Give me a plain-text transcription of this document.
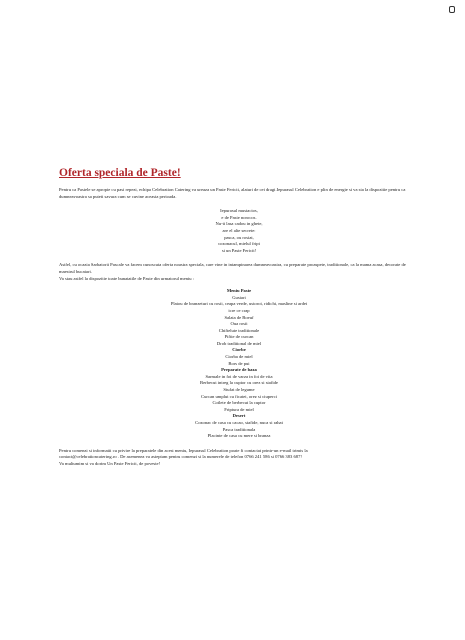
Oferta speciala de Paste!

Pentru ca Pastele se apropie cu pasi repezi, echipa Celebration Catering va ureaza un Paste Fericit, alaturi de cei dragi.Iepurasul Celebration e plin de energie si va sta la dispozitie pentru ca dumneavoastra sa puteti savura cum se cuvine aceasta perioada.

Iepurasul mustacios,
e de Paste norocos.
Nu-ti lasa cadou in ghete,
are el alte secrete:
pasca, ou rosiat,
cozonacul, mielul fript
si un Paste Fericit!

Astfel, cu ocazia Sarbatorii Pascale va facem cunoscuta oferta noastra speciala, care vine in intampinarea dumneavoastra, cu preparate proaspete, traditionale, ca la mama acasa, decorate de maestrul bucatari.

Va stau astfel la dispozitie toate bunatatile de Paste din urmatorul meniu :

Meniu Paste
Gustari
Platou de branzeturi cu rosii, ceapa verde, ustoroi, ridichi, masline si ardei
icre ce crap
Salata de Boeuf
Oua rosii
Chiftelute traditionale
Piftie de curcan
Drob traditional de miel
Ciorbe
Ciorba de miel
Bors de pui
Preparate de baza
Sarmale in foi de varza in foi de vita
Berbecut intreg la cuptor cu orez si stafide
Stufat de legume
Curcan umplut cu ficatei, orez si ciuperci
Cotlete de berbecut la cuptor
Friptura de miel
Desert
Cozonac de casa cu cacao, stafide, nuca si rahat
Pasca traditionala
Placinte de casa cu mere si branza

Pentru comenzi si informatii cu privire la preparatele din acest meniu, Iepurasul Celebration poate fi contactat printr-un e-mail trimis la

contact@celebrationcatering.ro . De asemenea va asteptam pentru comenzi si la numerele de telefon 0766 241 586 si 0766 383 687!

Va multumim si va dorim Un Paste Fericit, de poveste!
